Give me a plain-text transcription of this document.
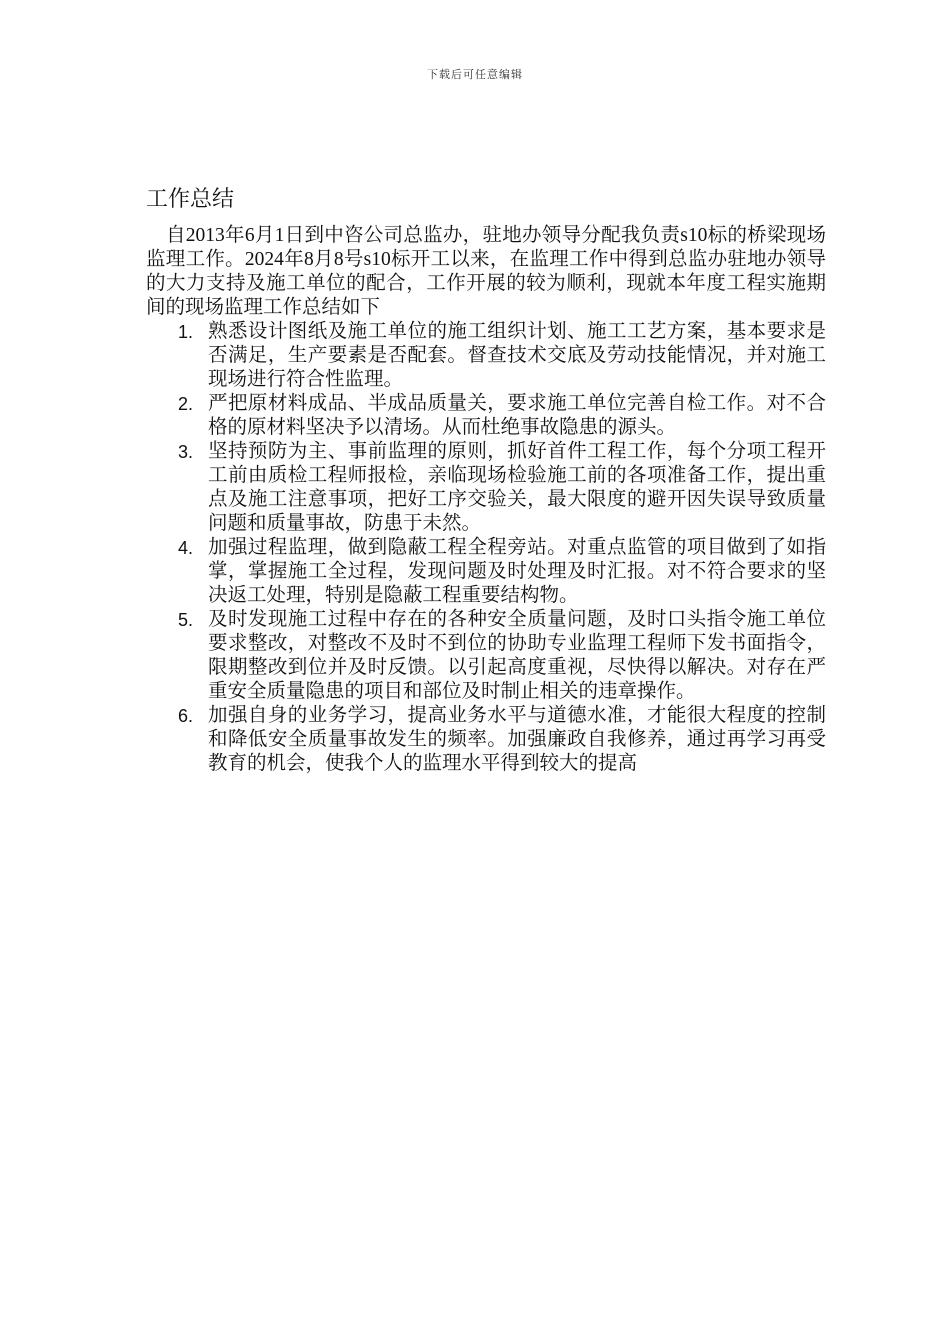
下载后可任意编辑
工作总结

自2013年6月1日到中咨公司总监办，驻地办领导分配我负责s10标的桥梁现场监理工作。2024年8月8号s10标开工以来，在监理工作中得到总监办驻地办领导的大力支持及施工单位的配合，工作开展的较为顺利，现就本年度工程实施期间的现场监理工作总结如下

1. 熟悉设计图纸及施工单位的施工组织计划、施工工艺方案，基本要求是否满足，生产要素是否配套。督查技术交底及劳动技能情况，并对施工现场进行符合性监理。
2. 严把原材料成品、半成品质量关，要求施工单位完善自检工作。对不合格的原材料坚决予以清场。从而杜绝事故隐患的源头。
3. 坚持预防为主、事前监理的原则，抓好首件工程工作，每个分项工程开工前由质检工程师报检，亲临现场检验施工前的各项准备工作，提出重点及施工注意事项，把好工序交验关，最大限度的避开因失误导致质量问题和质量事故，防患于未然。
4. 加强过程监理，做到隐蔽工程全程旁站。对重点监管的项目做到了如指掌，掌握施工全过程，发现问题及时处理及时汇报。对不符合要求的坚决返工处理，特别是隐蔽工程重要结构物。
5. 及时发现施工过程中存在的各种安全质量问题，及时口头指令施工单位要求整改，对整改不及时不到位的协助专业监理工程师下发书面指令，限期整改到位并及时反馈。以引起高度重视，尽快得以解决。对存在严重安全质量隐患的项目和部位及时制止相关的违章操作。
6. 加强自身的业务学习，提高业务水平与道德水准，才能很大程度的控制和降低安全质量事故发生的频率。加强廉政自我修养，通过再学习再受教育的机会，使我个人的监理水平得到较大的提高
